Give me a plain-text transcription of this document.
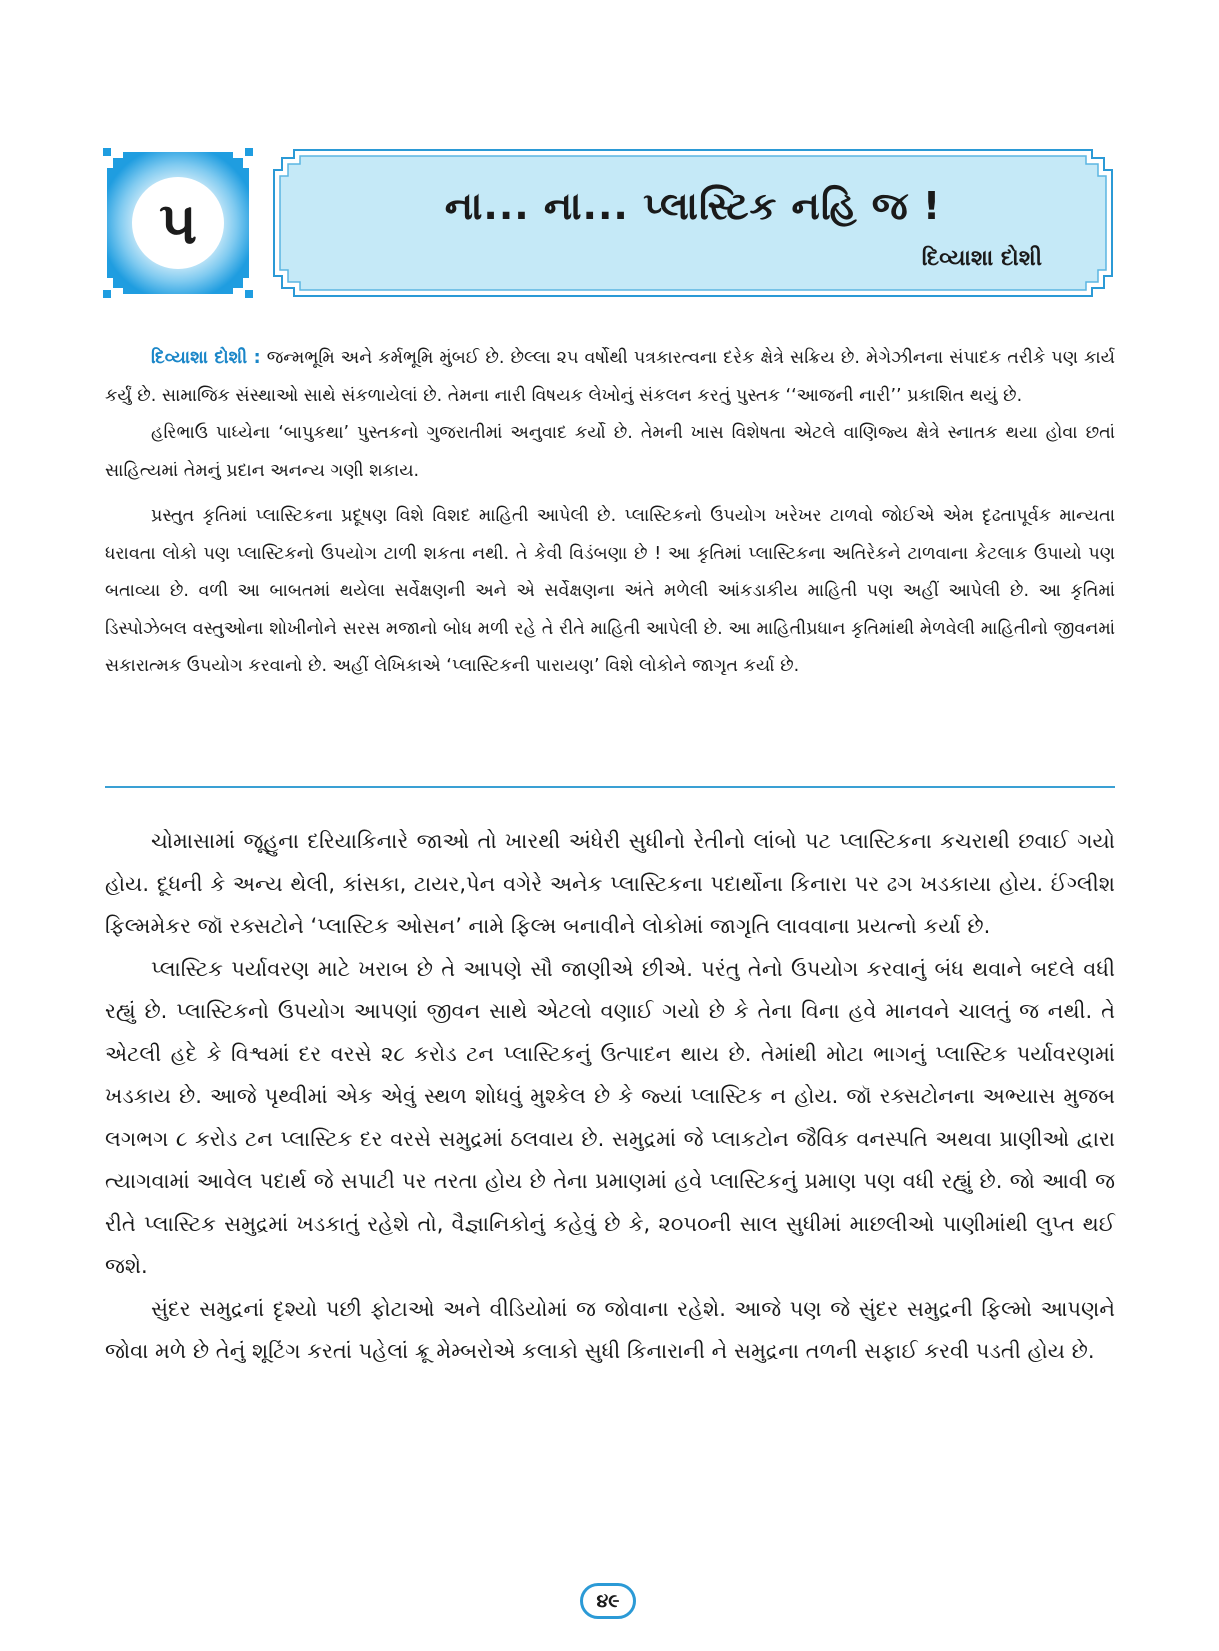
૫	ના... ના... પ્લાસ્ટિક નહિ જ !
દિવ્યાશા દોશી

દિવ્યાશા દોશી : જન્મભૂમિ અને કર્મભૂમિ મુંબઈ છે. છેલ્લા ૨૫ વર્ષોથી પત્રકારત્વના દરેક ક્ષેત્રે સક્રિય છે. મેગેઝીનના સંપાદક તરીકે પણ કાર્ય કર્યું છે. સામાજિક સંસ્થાઓ સાથે સંકળાયેલાં છે. તેમના નારી વિષયક લેખોનું સંકલન કરતું પુસ્તક ‘‘આજની નારી’’ પ્રકાશિત થયું છે.

હરિભાઉ પાધ્યેના ‘બાપુકથા’ પુસ્તકનો ગુજરાતીમાં અનુવાદ કર્યો છે. તેમની ખાસ વિશેષતા એટલે વાણિજ્ય ક્ષેત્રે સ્નાતક થયા હોવા છતાં સાહિત્યમાં તેમનું પ્રદાન અનન્ય ગણી શકાય.

પ્રસ્તુત કૃતિમાં પ્લાસ્ટિકના પ્રદૂષણ વિશે વિશદ માહિતી આપેલી છે. પ્લાસ્ટિકનો ઉપયોગ ખરેખર ટાળવો જોઈએ એમ દૃઢતાપૂર્વક માન્યતા ધરાવતા લોકો પણ પ્લાસ્ટિકનો ઉપયોગ ટાળી શકતા નથી. તે કેવી વિડંબણા છે ! આ કૃતિમાં પ્લાસ્ટિકના અતિરેકને ટાળવાના કેટલાક ઉપાયો પણ બતાવ્યા છે. વળી આ બાબતમાં થયેલા સર્વેક્ષણની અને એ સર્વેક્ષણના અંતે મળેલી આંકડાકીય માહિતી પણ અહીં આપેલી છે. આ કૃતિમાં ડિસ્પોઝેબલ વસ્તુઓના શોખીનોને સરસ મજાનો બોધ મળી રહે તે રીતે માહિતી આપેલી છે. આ માહિતીપ્રધાન કૃતિમાંથી મેળવેલી માહિતીનો જીવનમાં સકારાત્મક ઉપયોગ કરવાનો છે. અહીં લેખિકાએ ‘પ્લાસ્ટિકની પારાયણ’ વિશે લોકોને જાગૃત કર્યા છે.

ચોમાસામાં જૂહુના દરિયાકિનારે જાઓ તો ખારથી અંધેરી સુધીનો રેતીનો લાંબો પટ પ્લાસ્ટિકના કચરાથી છવાઈ ગયો હોય. દૂધની કે અન્ય થેલી, કાંસકા, ટાયર,પેન વગેરે અનેક પ્લાસ્ટિકના પદાર્થોના કિનારા પર ઢગ ખડકાયા હોય. ઈંગ્લીશ ફિલ્મમેકર જૉ રક્સટોને ‘પ્લાસ્ટિક ઓસન’ નામે ફિલ્મ બનાવીને લોકોમાં જાગૃતિ લાવવાના પ્રયત્નો કર્યા છે.

પ્લાસ્ટિક પર્યાવરણ માટે ખરાબ છે તે આપણે સૌ જાણીએ છીએ. પરંતુ તેનો ઉપયોગ કરવાનું બંધ થવાને બદલે વધી રહ્યું છે. પ્લાસ્ટિકનો ઉપયોગ આપણાં જીવન સાથે એટલો વણાઈ ગયો છે કે તેના વિના હવે માનવને ચાલતું જ નથી. તે એટલી હદે કે વિશ્વમાં દર વરસે ૨૮ કરોડ ટન પ્લાસ્ટિકનું ઉત્પાદન થાય છે. તેમાંથી મોટા ભાગનું પ્લાસ્ટિક પર્યાવરણમાં ખડકાય છે. આજે પૃથ્વીમાં એક એવું સ્થળ શોધવું મુશ્કેલ છે કે જ્યાં પ્લાસ્ટિક ન હોય. જૉ રક્સટોનના અભ્યાસ મુજબ લગભગ ૮ કરોડ ટન પ્લાસ્ટિક દર વરસે સમુદ્રમાં ઠલવાય છે. સમુદ્રમાં જે પ્લાકટોન જૈવિક વનસ્પતિ અથવા પ્રાણીઓ દ્વારા ત્યાગવામાં આવેલ પદાર્થ જે સપાટી પર તરતા હોય છે તેના પ્રમાણમાં હવે પ્લાસ્ટિકનું પ્રમાણ પણ વધી રહ્યું છે. જો આવી જ રીતે પ્લાસ્ટિક સમુદ્રમાં ખડકાતું રહેશે તો, વૈજ્ઞાનિકોનું કહેવું છે કે, ૨૦૫૦ની સાલ સુધીમાં માછલીઓ પાણીમાંથી લુપ્ત થઈ જશે.

સુંદર સમુદ્રનાં દૃશ્યો પછી ફોટાઓ અને વીડિયોમાં જ જોવાના રહેશે. આજે પણ જે સુંદર સમુદ્રની ફિલ્મો આપણને જોવા મળે છે તેનું શૂટિંગ કરતાં પહેલાં ક્રૂ મેમ્બરોએ કલાકો સુધી કિનારાની ને સમુદ્રના તળની સફાઈ કરવી પડતી હોય છે.

૪૯
